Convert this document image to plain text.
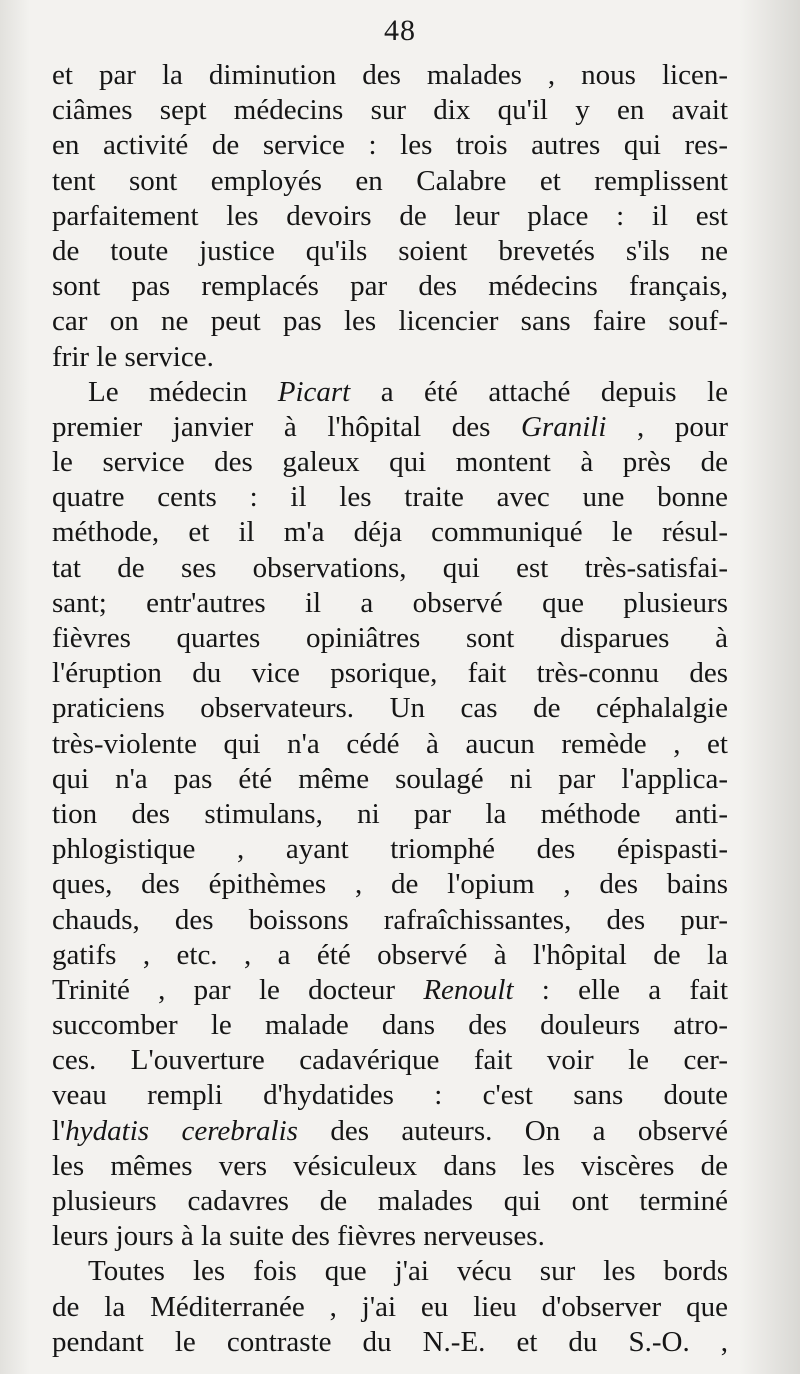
48
et par la diminution des malades , nous licen-
ciâmes sept médecins sur dix qu'il y en avait
en activité de service : les trois autres qui res-
tent sont employés en Calabre et remplissent
parfaitement les devoirs de leur place : il est
de toute justice qu'ils soient brevetés s'ils ne
sont pas remplacés par des médecins français,
car on ne peut pas les licencier sans faire souf-
frir le service.
Le médecin Picart a été attaché depuis le
premier janvier à l'hôpital des Granili , pour
le service des galeux qui montent à près de
quatre cents : il les traite avec une bonne
méthode, et il m'a déja communiqué le résul-
tat de ses observations, qui est très-satisfai-
sant; entr'autres il a observé que plusieurs
fièvres quartes opiniâtres sont disparues à
l'éruption du vice psorique, fait très-connu des
praticiens observateurs. Un cas de céphalalgie
très-violente qui n'a cédé à aucun remède , et
qui n'a pas été même soulagé ni par l'applica-
tion des stimulans, ni par la méthode anti-
phlogistique , ayant triomphé des épispasti-
ques, des épithèmes , de l'opium , des bains
chauds, des boissons rafraîchissantes, des pur-
gatifs , etc. , a été observé à l'hôpital de la
Trinité , par le docteur Renoult : elle a fait
succomber le malade dans des douleurs atro-
ces. L'ouverture cadavérique fait voir le cer-
veau rempli d'hydatides : c'est sans doute
l'hydatis cerebralis des auteurs. On a observé
les mêmes vers vésiculeux dans les viscères de
plusieurs cadavres de malades qui ont terminé
leurs jours à la suite des fièvres nerveuses.
Toutes les fois que j'ai vécu sur les bords
de la Méditerranée , j'ai eu lieu d'observer que
pendant le contraste du N.-E. et du S.-O. ,
